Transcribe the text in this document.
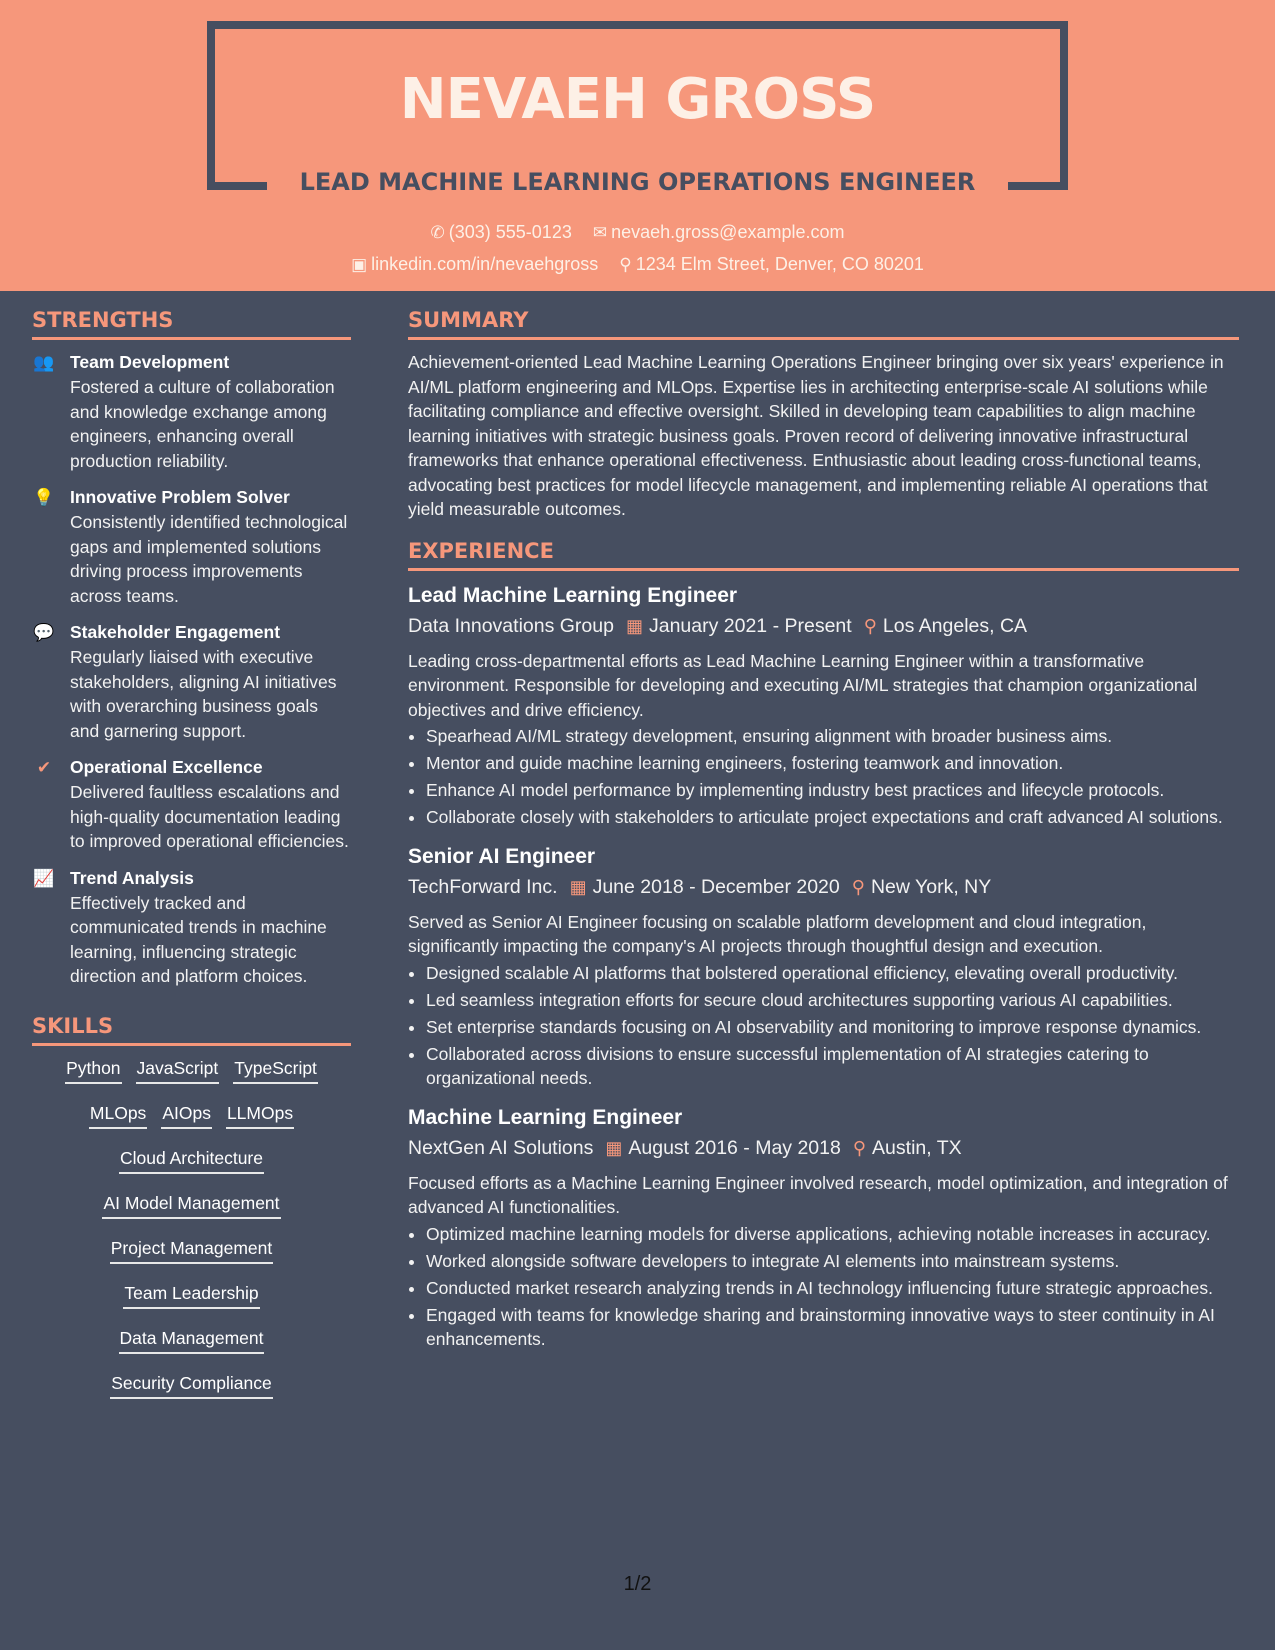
NEVAEH GROSS
LEAD MACHINE LEARNING OPERATIONS ENGINEER
✆ (303) 555-0123 ✉ nevaeh.gross@example.com
▣ linkedin.com/in/nevaehgross ⚲ 1234 Elm Street, Denver, CO 80201
STRENGTHS
👥 Team Development
Fostered a culture of collaboration and knowledge exchange among engineers, enhancing overall production reliability.
💡 Innovative Problem Solver
Consistently identified technological gaps and implemented solutions driving process improvements across teams.
💬 Stakeholder Engagement
Regularly liaised with executive stakeholders, aligning AI initiatives with overarching business goals and garnering support.
✔ Operational Excellence
Delivered faultless escalations and high-quality documentation leading to improved operational efficiencies.
📈 Trend Analysis
Effectively tracked and communicated trends in machine learning, influencing strategic direction and platform choices.
SKILLS
Python JavaScript TypeScript
MLOps AIOps LLMOps
Cloud Architecture
AI Model Management
Project Management
Team Leadership
Data Management
Security Compliance
SUMMARY
Achievement-oriented Lead Machine Learning Operations Engineer bringing over six years' experience in AI/ML platform engineering and MLOps. Expertise lies in architecting enterprise-scale AI solutions while facilitating compliance and effective oversight. Skilled in developing team capabilities to align machine learning initiatives with strategic business goals. Proven record of delivering innovative infrastructural frameworks that enhance operational effectiveness. Enthusiastic about leading cross-functional teams, advocating best practices for model lifecycle management, and implementing reliable AI operations that yield measurable outcomes.
EXPERIENCE
Lead Machine Learning Engineer
Data Innovations Group ▦ January 2021 - Present ⚲ Los Angeles, CA
Leading cross-departmental efforts as Lead Machine Learning Engineer within a transformative environment. Responsible for developing and executing AI/ML strategies that champion organizational objectives and drive efficiency.
• Spearhead AI/ML strategy development, ensuring alignment with broader business aims.
• Mentor and guide machine learning engineers, fostering teamwork and innovation.
• Enhance AI model performance by implementing industry best practices and lifecycle protocols.
• Collaborate closely with stakeholders to articulate project expectations and craft advanced AI solutions.
Senior AI Engineer
TechForward Inc. ▦ June 2018 - December 2020 ⚲ New York, NY
Served as Senior AI Engineer focusing on scalable platform development and cloud integration, significantly impacting the company's AI projects through thoughtful design and execution.
• Designed scalable AI platforms that bolstered operational efficiency, elevating overall productivity.
• Led seamless integration efforts for secure cloud architectures supporting various AI capabilities.
• Set enterprise standards focusing on AI observability and monitoring to improve response dynamics.
• Collaborated across divisions to ensure successful implementation of AI strategies catering to organizational needs.
Machine Learning Engineer
NextGen AI Solutions ▦ August 2016 - May 2018 ⚲ Austin, TX
Focused efforts as a Machine Learning Engineer involved research, model optimization, and integration of advanced AI functionalities.
• Optimized machine learning models for diverse applications, achieving notable increases in accuracy.
• Worked alongside software developers to integrate AI elements into mainstream systems.
• Conducted market research analyzing trends in AI technology influencing future strategic approaches.
• Engaged with teams for knowledge sharing and brainstorming innovative ways to steer continuity in AI enhancements.
1/2
